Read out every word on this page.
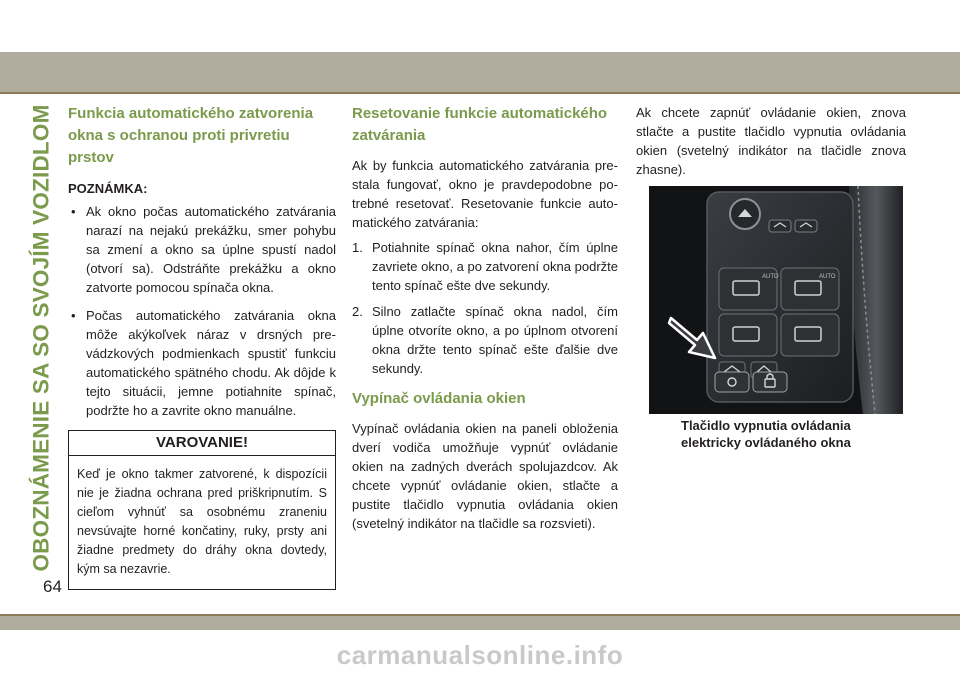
OBOZNÁMENIE SA SO SVOJÍM VOZIDLOM
64
Funkcia automatického zatvorenia okna s ochranou proti privretiu prstov
POZNÁMKA:
• Ak okno počas automatického zatvárania narazí na nejakú prekážku, smer pohybu sa zmení a okno sa úplne spustí nadol (otvorí sa). Odstráňte prekážku a okno zatvorte pomocou spínača okna.
• Počas automatického zatvárania okna môže akýkoľvek náraz v drsných prevádzkových podmienkach spustiť funkciu automatického spätného chodu. Ak dôjde k tejto situácii, jemne potiahnite spínač, podržte ho a zavrite okno manuálne.
VAROVANIE!
Keď je okno takmer zatvorené, k dispozícii nie je žiadna ochrana pred priškripnutím. S cieľom vyhnúť sa osobnému zraneniu nevsúvajte horné končatiny, ruky, prsty ani žiadne predmety do dráhy okna dovtedy, kým sa nezavrie.
Resetovanie funkcie automatického zatvárania
Ak by funkcia automatického zatvárania prestala fungovať, okno je pravdepodobne potrebné resetovať. Resetovanie funkcie automatického zatvárania:
1. Potiahnite spínač okna nahor, čím úplne zavriete okno, a po zatvorení okna podržte tento spínač ešte dve sekundy.
2. Silno zatlačte spínač okna nadol, čím úplne otvoríte okno, a po úplnom otvorení okna držte tento spínač ešte ďalšie dve sekundy.
Vypínač ovládania okien
Vypínač ovládania okien na paneli obloženia dverí vodiča umožňuje vypnúť ovládanie okien na zadných dverách spolujazdcov. Ak chcete vypnúť ovládanie okien, stlačte a pustite tlačidlo vypnutia ovládania okien (svetelný indikátor na tlačidle sa rozsvieti).
Ak chcete zapnúť ovládanie okien, znova stlačte a pustite tlačidlo vypnutia ovládania okien (svetelný indikátor na tlačidle znova zhasne).
AUTO	AUTO
Tlačidlo vypnutia ovládania elektricky ovládaného okna
carmanualsonline.info
